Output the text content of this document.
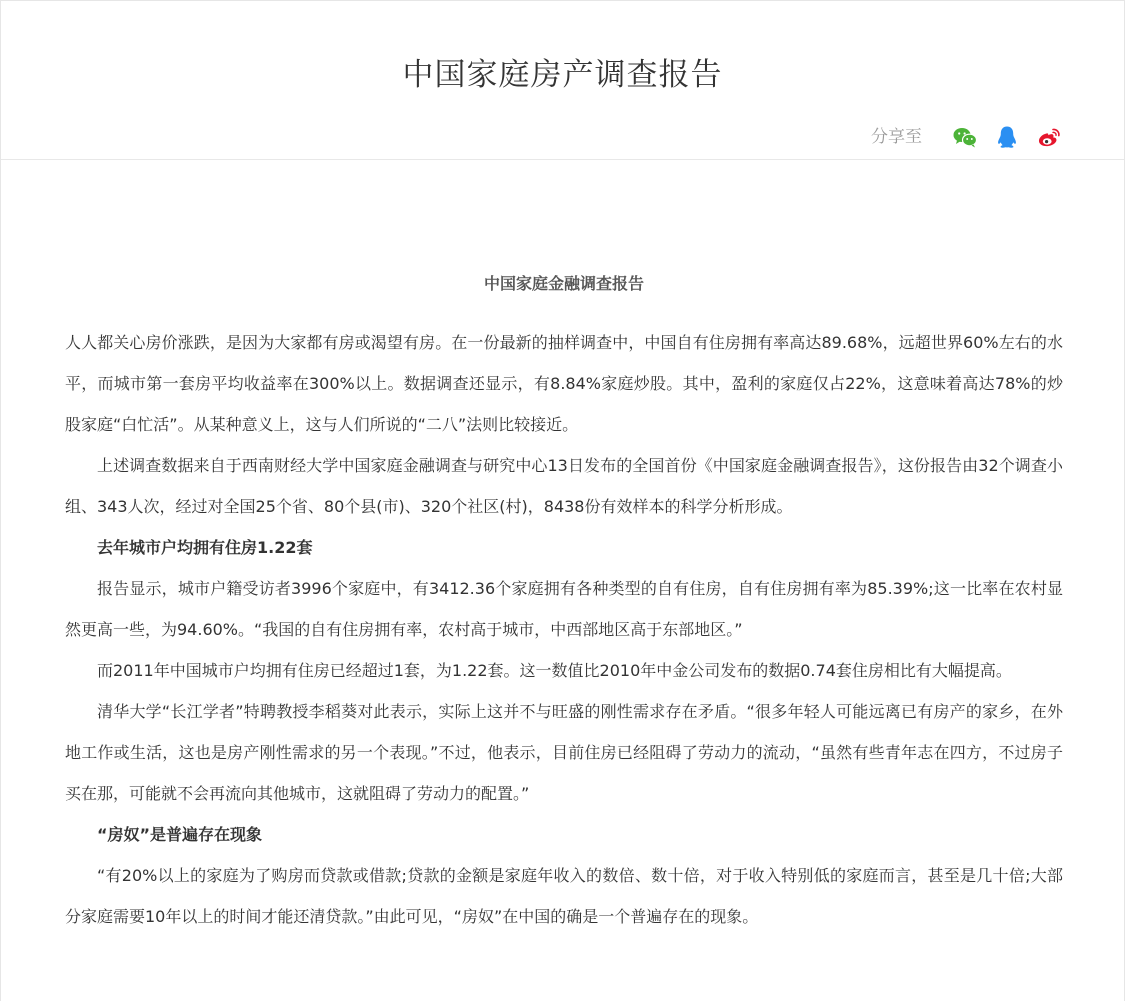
中国家庭房产调查报告
分享至
中国家庭金融调查报告

人人都关心房价涨跌，是因为大家都有房或渴望有房。在一份最新的抽样调查中，中国自有住房拥有率高达89.68%，远超世界60%左右的水平，而城市第一套房平均收益率在300%以上。数据调查还显示，有8.84%家庭炒股。其中，盈利的家庭仅占22%，这意味着高达78%的炒股家庭“白忙活”。从某种意义上，这与人们所说的“二八”法则比较接近。

上述调查数据来自于西南财经大学中国家庭金融调查与研究中心13日发布的全国首份《中国家庭金融调查报告》，这份报告由32个调查小组、343人次，经过对全国25个省、80个县(市)、320个社区(村)，8438份有效样本的科学分析形成。

去年城市户均拥有住房1.22套

报告显示，城市户籍受访者3996个家庭中，有3412.36个家庭拥有各种类型的自有住房，自有住房拥有率为85.39%;这一比率在农村显然更高一些，为94.60%。“我国的自有住房拥有率，农村高于城市，中西部地区高于东部地区。”

而2011年中国城市户均拥有住房已经超过1套，为1.22套。这一数值比2010年中金公司发布的数据0.74套住房相比有大幅提高。

清华大学“长江学者”特聘教授李稻葵对此表示，实际上这并不与旺盛的刚性需求存在矛盾。“很多年轻人可能远离已有房产的家乡，在外地工作或生活，这也是房产刚性需求的另一个表现。”不过，他表示，目前住房已经阻碍了劳动力的流动，“虽然有些青年志在四方，不过房子买在那，可能就不会再流向其他城市，这就阻碍了劳动力的配置。”

“房奴”是普遍存在现象

“有20%以上的家庭为了购房而贷款或借款;贷款的金额是家庭年收入的数倍、数十倍，对于收入特别低的家庭而言，甚至是几十倍;大部分家庭需要10年以上的时间才能还清贷款。”由此可见，“房奴”在中国的确是一个普遍存在的现象。
